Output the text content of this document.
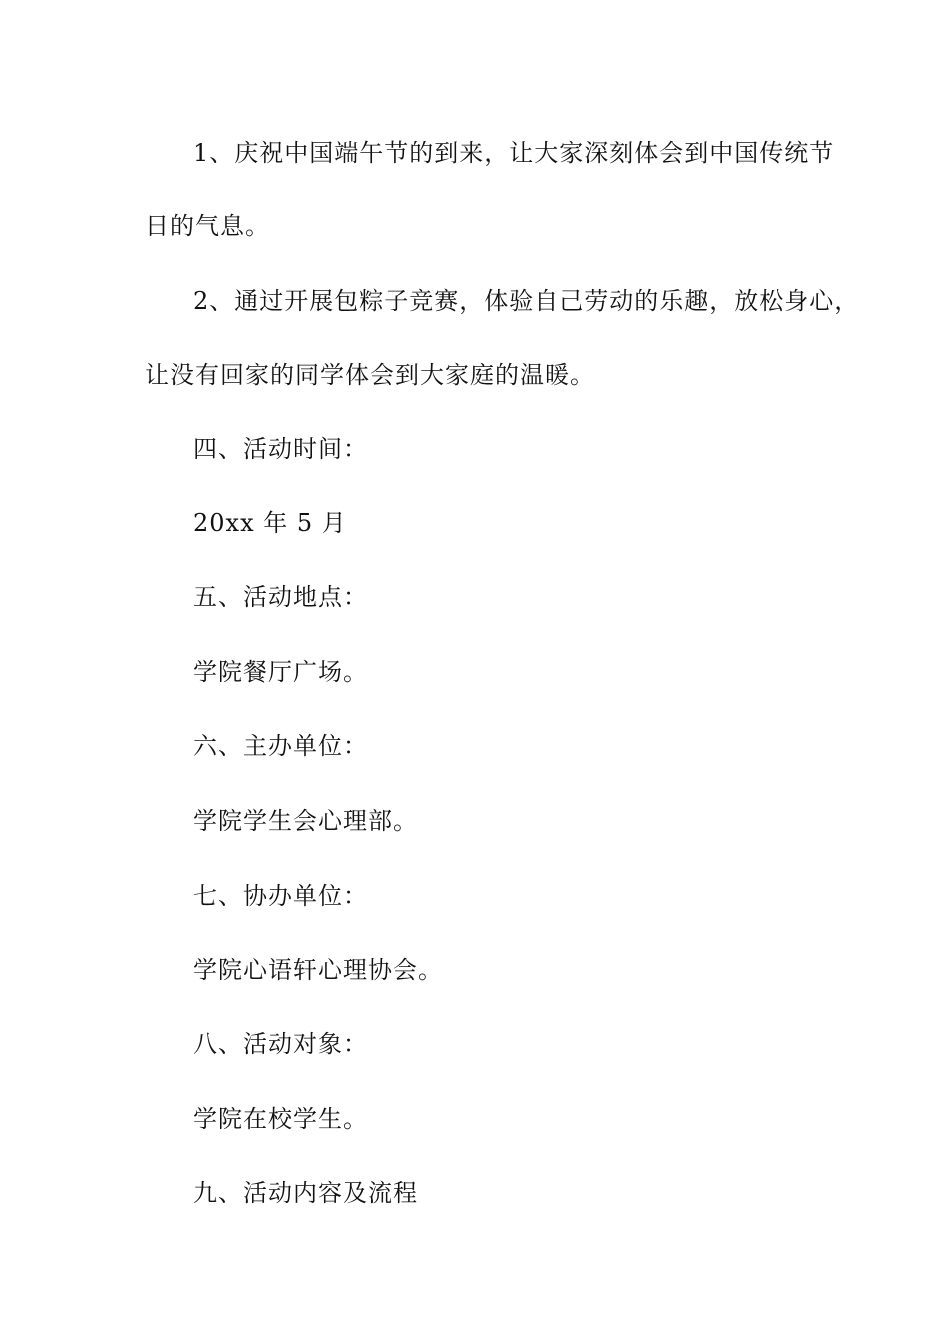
1、庆祝中国端午节的到来，让大家深刻体会到中国传统节
日的气息。
2、通过开展包粽子竞赛，体验自己劳动的乐趣，放松身心，
让没有回家的同学体会到大家庭的温暖。
四、活动时间：
20xx 年 5 月
五、活动地点：
学院餐厅广场。
六、主办单位：
学院学生会心理部。
七、协办单位：
学院心语轩心理协会。
八、活动对象：
学院在校学生。
九、活动内容及流程
